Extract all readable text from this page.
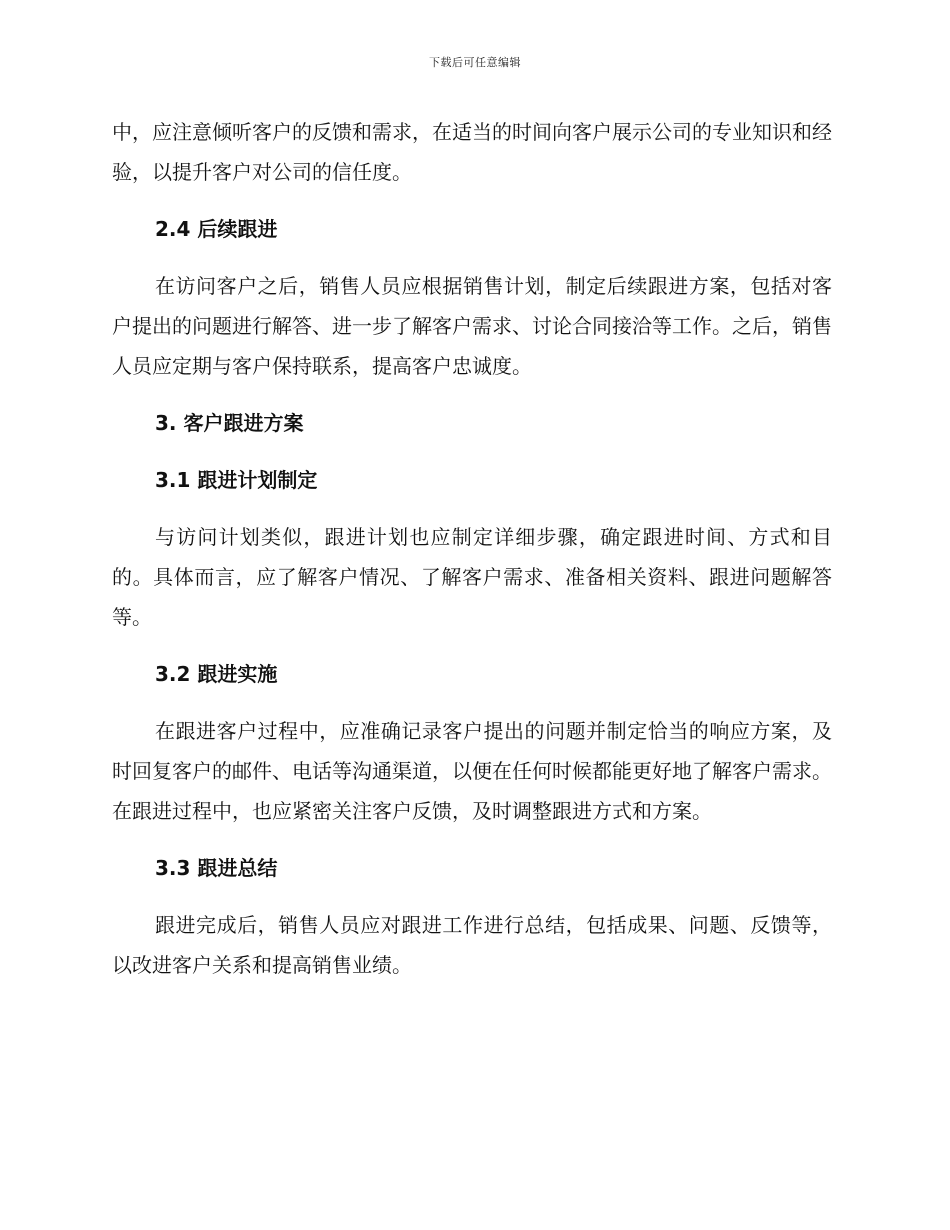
下载后可任意编辑

中，应注意倾听客户的反馈和需求，在适当的时间向客户展示公司的专业知识和经验，以提升客户对公司的信任度。

2.4 后续跟进

在访问客户之后，销售人员应根据销售计划，制定后续跟进方案，包括对客户提出的问题进行解答、进一步了解客户需求、讨论合同接洽等工作。之后，销售人员应定期与客户保持联系，提高客户忠诚度。

3. 客户跟进方案
3.1 跟进计划制定

与访问计划类似，跟进计划也应制定详细步骤，确定跟进时间、方式和目的。具体而言，应了解客户情况、了解客户需求、准备相关资料、跟进问题解答等。

3.2 跟进实施

在跟进客户过程中，应准确记录客户提出的问题并制定恰当的响应方案，及时回复客户的邮件、电话等沟通渠道，以便在任何时候都能更好地了解客户需求。在跟进过程中，也应紧密关注客户反馈，及时调整跟进方式和方案。

3.3 跟进总结

跟进完成后，销售人员应对跟进工作进行总结，包括成果、问题、反馈等，以改进客户关系和提高销售业绩。
